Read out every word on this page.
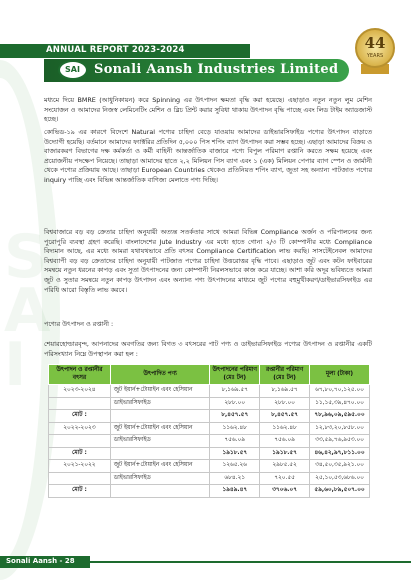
S
A
I
ANNUAL REPORT 2023-2024
Sonali Aansh Industries Limited
SAI
44
YEARS

মধ্যমে দিয়ে BMRE (আধুনিকায়ন) করে Spinning এর উৎপাদন ক্ষমতা বৃদ্ধি করা হয়েছে। এছাড়াও নতুন নতুন লুম মেশিন সংযোজন ও আমাদের নিজস্ব লেমিনেটিং মেশিন ও ব্লিচ প্রিন্ট করার সুবিধা থাকায় উৎপাদন বৃদ্ধি পাচ্ছে এবং লিড টাইম অ্যাডজাস্ট হচ্ছে।

কোভিড-১৯ এর কারণে বিদেশে Natural পণ্যের চাহিদা বেড়ে যাওয়ায় আমাদের ডাইভারসিফাইড পণ্যের উৎপাদন বাড়াতে উদ্যোগী হয়েছি। বর্তমানে আমাদের ফ্যাক্টরির প্রতিদিন ৫,০০০ পিস শপিং ব্যাগ উৎপাদন করা সম্ভব হচ্ছে। এছাড়া আমাদের বিক্রয় ও বাজারকরণ বিভাগের দক্ষ কর্মকর্তা ও কর্মী বাহিনী আন্তর্জাতিক বাজারে পণ্যে বিপুল পরিমাণ রপ্তানি করতে সক্ষম হয়েছে এবং প্রয়োজনীয় পদক্ষেপ নিয়েছে। তাছাড়া আমাদের হাতে ২,২ মিলিয়ন পিস ব্যাগ এবং ১ (এক) মিলিয়ন পেপার ব্যাগ স্পেন ও জার্মানী থেকে পণ্যের প্রক্রিয়ায় আছে। তাছাড়া European Countries থেকেও প্রতিনিয়ত শপিং ব্যাগ, জুতা সহ অন্যান্য পাটজাত পণ্যের inquiry পাচ্ছি এবং বিভিন্ন আন্তর্জাতিক বাণিজ্য মেলাতে পণ্য দিচ্ছি।

বিশ্ববাজারে বড় বড় ক্রেতার চাহিদা অনুযায়ী অত্যন্ত সতর্কতার সাথে আমরা বিভিন্ন Compliance অর্জন ও পরিপালনের জন্য পুরোপুরি ব্যবস্থা গ্রহণ করেছি। বাংলাদেশের Jute Industry এর মধ্যে হাতে গোনা ২/৩ টি কোম্পানীর মধ্যে Compliance বিদ্যমান আছে, এর মধ্যে আমরা যথাযথভাবে প্রতি বৎসর Compliance Certification লাভ করছি। সাসটেইনেবল আমাদের বিশ্বব্যাপী বড় বড় ক্রেতাদের চাহিদা অনুযায়ী পাটজাত পণ্যের চাহিদা উত্তরোত্তর বৃদ্ধি পাবে। এছাড়াও জুট এবং কটন ফাইবারের সমন্বয়ে নতুন ধরনের কাপড় এবং সুতা উৎপাদনের জন্য কোম্পানী নিরলসভাবে কাজ করে যাচ্ছে। আশা করি অদূর ভবিষ্যতে আমরা জুট ও সুতার সমন্বয়ে নতুন কাপড় উৎপাদন এবং অন্যান্য পণ্য উৎপাদনের মাধ্যমে জুট পণ্যের বহুমুখীকরণ/ডাইভারসিফাইড এর পরিধি আরো বিস্তৃতি লাভ করবে।

পণ্যের উৎপাদন ও রপ্তানী :

শেয়ারহোল্ডারবৃন্দ, আপনাদের অবগতির জন্য বিগত ৩ বৎসরের পাট পণ্য ও ডাইভারসিফাইড পণ্যের উৎপাদন ও রপ্তানীর একটি পরিসংখ্যান নিম্নে উপস্থাপন করা হল :

উৎপাদন ও রপ্তানীর বৎসর	উৎপাদিত পণ্য	উৎপাদনের পরিমাণ (মেঃ টন)	রপ্তানীর পরিমাণ (মেঃ টন)	মূল্য (টাকা)
২০২৩-২০২৪	জুট ইয়ার্ন+টোয়াইন এবং হেসিয়ান	৮,১৬৯.৫৭	৮,১৬৯.৫৭	৬৭,৮০,৭০,১২৫.০০
	ডাইভারসিফাইড	২৮৮.০০	২৮৮.০০	১১,১৫,৩৯,৪৭০.০০
মোট :		৮,৪৫৭.৫৭	৮,৪৫৭.৫৭	৭৮,৯৬,০৯,৫৯৫.০০
২০২২-২০২৩	জুট ইয়ার্ন+টোয়াইন এবং হেসিয়ান	১১৬২.৪৮	১১৬২.৪৮	১২,৮৩,২০,৮৫৮.০০
	ডাইভারসিফাইড	৭৫৬.০৯	৭৫৬.০৯	৩৩,৫৯,৭৬,৯৫৩.০০
মোট :		১৯১৮.৫৭	১৯১৮.৫৭	৪৬,৪২,৯৭,৮১১.০০
২০২১-২০২২	জুট ইয়ার্ন+টোয়াইন এবং হেসিয়ান	১২৬৫.২৬	২৯৮৫.৫২	৩৪,৫০,৩৫,৯২১.০০
	ডাইভারসিফাইড	৬৮৪.২১	৭২০.৫৫	২৫,১০,৫৩,৬৮৬.০০
মোট :		১৯৪৯.৪৭	৩৭০৬.০৭	৫৯,৬০,৮৯,৫০৭.০০
Sonali Aansh - 28
